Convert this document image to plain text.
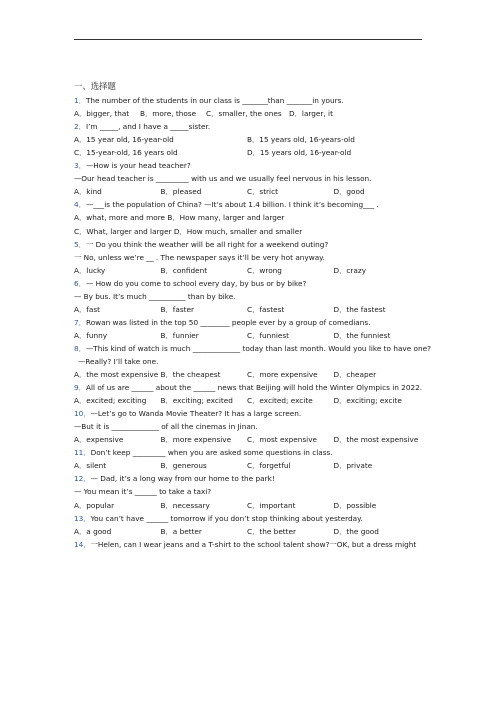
一、选择题
1．The number of the students in our class is _______than _______in yours.
A．bigger, that	B．more, those	C．smaller, the ones	D．larger, it
2．I’m _____, and I have a _____sister.
A．15 year old, 16-year-old	B．15 years old, 16-years-old
C．15-year-old, 16 years old	D．15 years old, 16-year-old
3．—How is your head teacher?
—Our head teacher is _________ with us and we usually feel nervous in his lesson.
A．kind	B．pleased	C．strict	D．good
4．—___is the population of China? —It’s about 1.4 billion. I think it’s becoming___ .
A．what, more and more B．How many, larger and larger
C．What, larger and larger D．How much, smaller and smaller
5．一 Do you think the weather will be all right for a weekend outing?
一 No, unless we’re __ . The newspaper says it’ll be very hot anyway.
A．lucky	B．confident	C．wrong	D．crazy
6．— How do you come to school every day, by bus or by bike?
— By bus. It’s much __________ than by bike.
A．fast	B．faster	C．fastest	D．the fastest
7．Rowan was listed in the top 50 ________ people ever by a group of comedians.
A．funny	B．funnier	C．funniest	D．the funniest
8．—This kind of watch is much _____________ today than last month. Would you like to have one?
—Really? I’ll take one.
A．the most expensive B．the cheapest	C．more expensive	D．cheaper
9．All of us are ______ about the ______ news that Beijing will hold the Winter Olympics in 2022.
A．excited; exciting	B．exciting; excited	C．excited; excite	D．exciting; excite
10．—Let’s go to Wanda Movie Theater? It has a large screen.
—But it is _____________ of all the cinemas in Jinan.
A．expensive	B．more expensive	C．most expensive	D．the most expensive
11．Don’t keep _________ when you are asked some questions in class.
A．silent	B．generous	C．forgetful	D．private
12．— Dad, it’s a long way from our home to the park!
— You mean it’s ______ to take a taxi?
A．popular	B．necessary	C．important	D．possible
13．You can’t have ______ tomorrow if you don’t stop thinking about yesterday.
A．a good	B．a better	C．the better	D．the good
14．一Helen, can I wear jeans and a T-shirt to the school talent show?一OK, but a dress might
